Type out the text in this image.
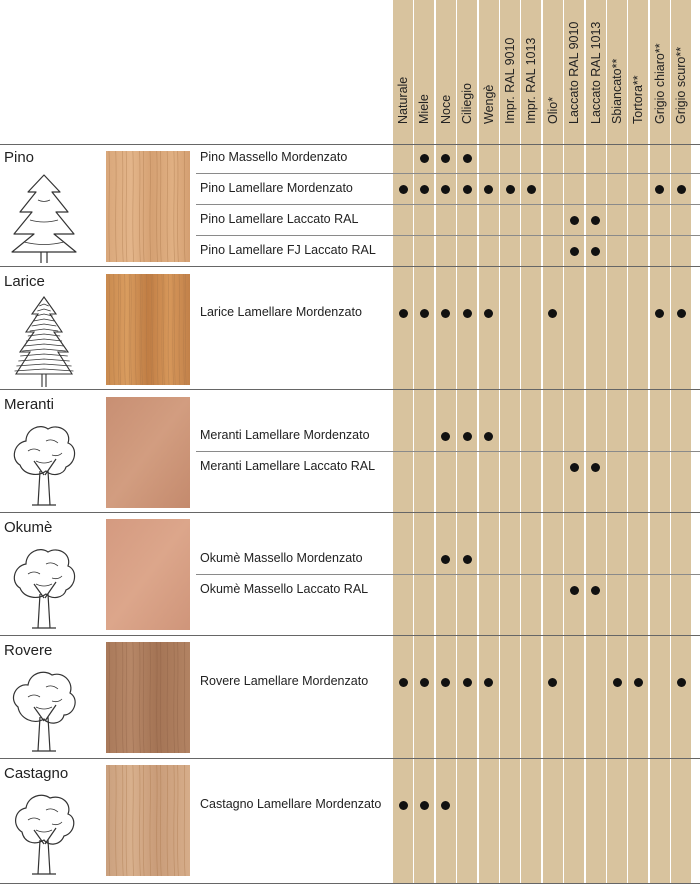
Naturale Miele Noce Ciliegio Wengè Impr. RAL 9010 Impr. RAL 1013 Olio* Laccato RAL 9010 Laccato RAL 1013 Sbiancato** Tortora** Grigio chiaro** Grigio scuro**
Pino	Pino Massello Mordenzato
Pino Lamellare Mordenzato
Pino Lamellare Laccato RAL
Pino Lamellare FJ Laccato RAL
Larice
Larice Lamellare Mordenzato
Meranti
Meranti Lamellare Mordenzato
Meranti Lamellare Laccato RAL
Okumè
Okumè Massello Mordenzato
Okumè Massello Laccato RAL
Rovere
Rovere Lamellare Mordenzato
Castagno
Castagno Lamellare Mordenzato
